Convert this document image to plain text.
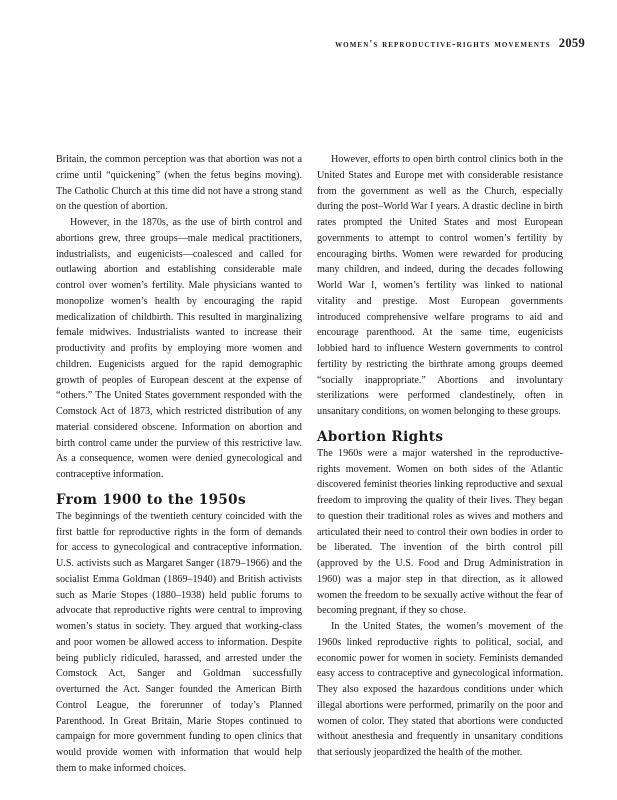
women's reproductive-rights movements 2059

Britain, the common perception was that abortion was not a crime until “quickening” (when the fetus begins moving). The Catholic Church at this time did not have a strong stand on the question of abortion.

However, in the 1870s, as the use of birth control and abortions grew, three groups—male medical practitioners, industrialists, and eugenicists—coalesced and called for outlawing abortion and establishing considerable male control over women’s fertility. Male physicians wanted to monopolize women’s health by encouraging the rapid medicalization of childbirth. This resulted in marginalizing female midwives. Industrialists wanted to increase their productivity and profits by employing more women and children. Eugenicists argued for the rapid demographic growth of peoples of European descent at the expense of “others.” The United States government responded with the Comstock Act of 1873, which restricted distribution of any material considered obscene. Information on abortion and birth control came under the purview of this restrictive law. As a consequence, women were denied gynecological and contraceptive information.

From 1900 to the 1950s

The beginnings of the twentieth century coincided with the first battle for reproductive rights in the form of demands for access to gynecological and contraceptive information. U.S. activists such as Margaret Sanger (1879–1966) and the socialist Emma Goldman (1869–1940) and British activists such as Marie Stopes (1880–1938) held public forums to advocate that reproductive rights were central to improving women’s status in society. They argued that working-class and poor women be allowed access to information. Despite being publicly ridiculed, harassed, and arrested under the Comstock Act, Sanger and Goldman successfully overturned the Act. Sanger founded the American Birth Control League, the forerunner of today’s Planned Parenthood. In Great Britain, Marie Stopes continued to campaign for more government funding to open clinics that would provide women with information that would help them to make informed choices.

However, efforts to open birth control clinics both in the United States and Europe met with considerable resistance from the government as well as the Church, especially during the post–World War I years. A drastic decline in birth rates prompted the United States and most European governments to attempt to control women’s fertility by encouraging births. Women were rewarded for producing many children, and indeed, during the decades following World War I, women’s fertility was linked to national vitality and prestige. Most European governments introduced comprehensive welfare programs to aid and encourage parenthood. At the same time, eugenicists lobbied hard to influence Western governments to control fertility by restricting the birthrate among groups deemed “socially inappropriate.” Abortions and involuntary sterilizations were performed clandestinely, often in unsanitary conditions, on women belonging to these groups.

Abortion Rights

The 1960s were a major watershed in the reproductive-rights movement. Women on both sides of the Atlantic discovered feminist theories linking reproductive and sexual freedom to improving the quality of their lives. They began to question their traditional roles as wives and mothers and articulated their need to control their own bodies in order to be liberated. The invention of the birth control pill (approved by the U.S. Food and Drug Administration in 1960) was a major step in that direction, as it allowed women the freedom to be sexually active without the fear of becoming pregnant, if they so chose.

In the United States, the women’s movement of the 1960s linked reproductive rights to political, social, and economic power for women in society. Feminists demanded easy access to contraceptive and gynecological information. They also exposed the hazardous conditions under which illegal abortions were performed, primarily on the poor and women of color. They stated that abortions were conducted without anesthesia and frequently in unsanitary conditions that seriously jeopardized the health of the mother.
